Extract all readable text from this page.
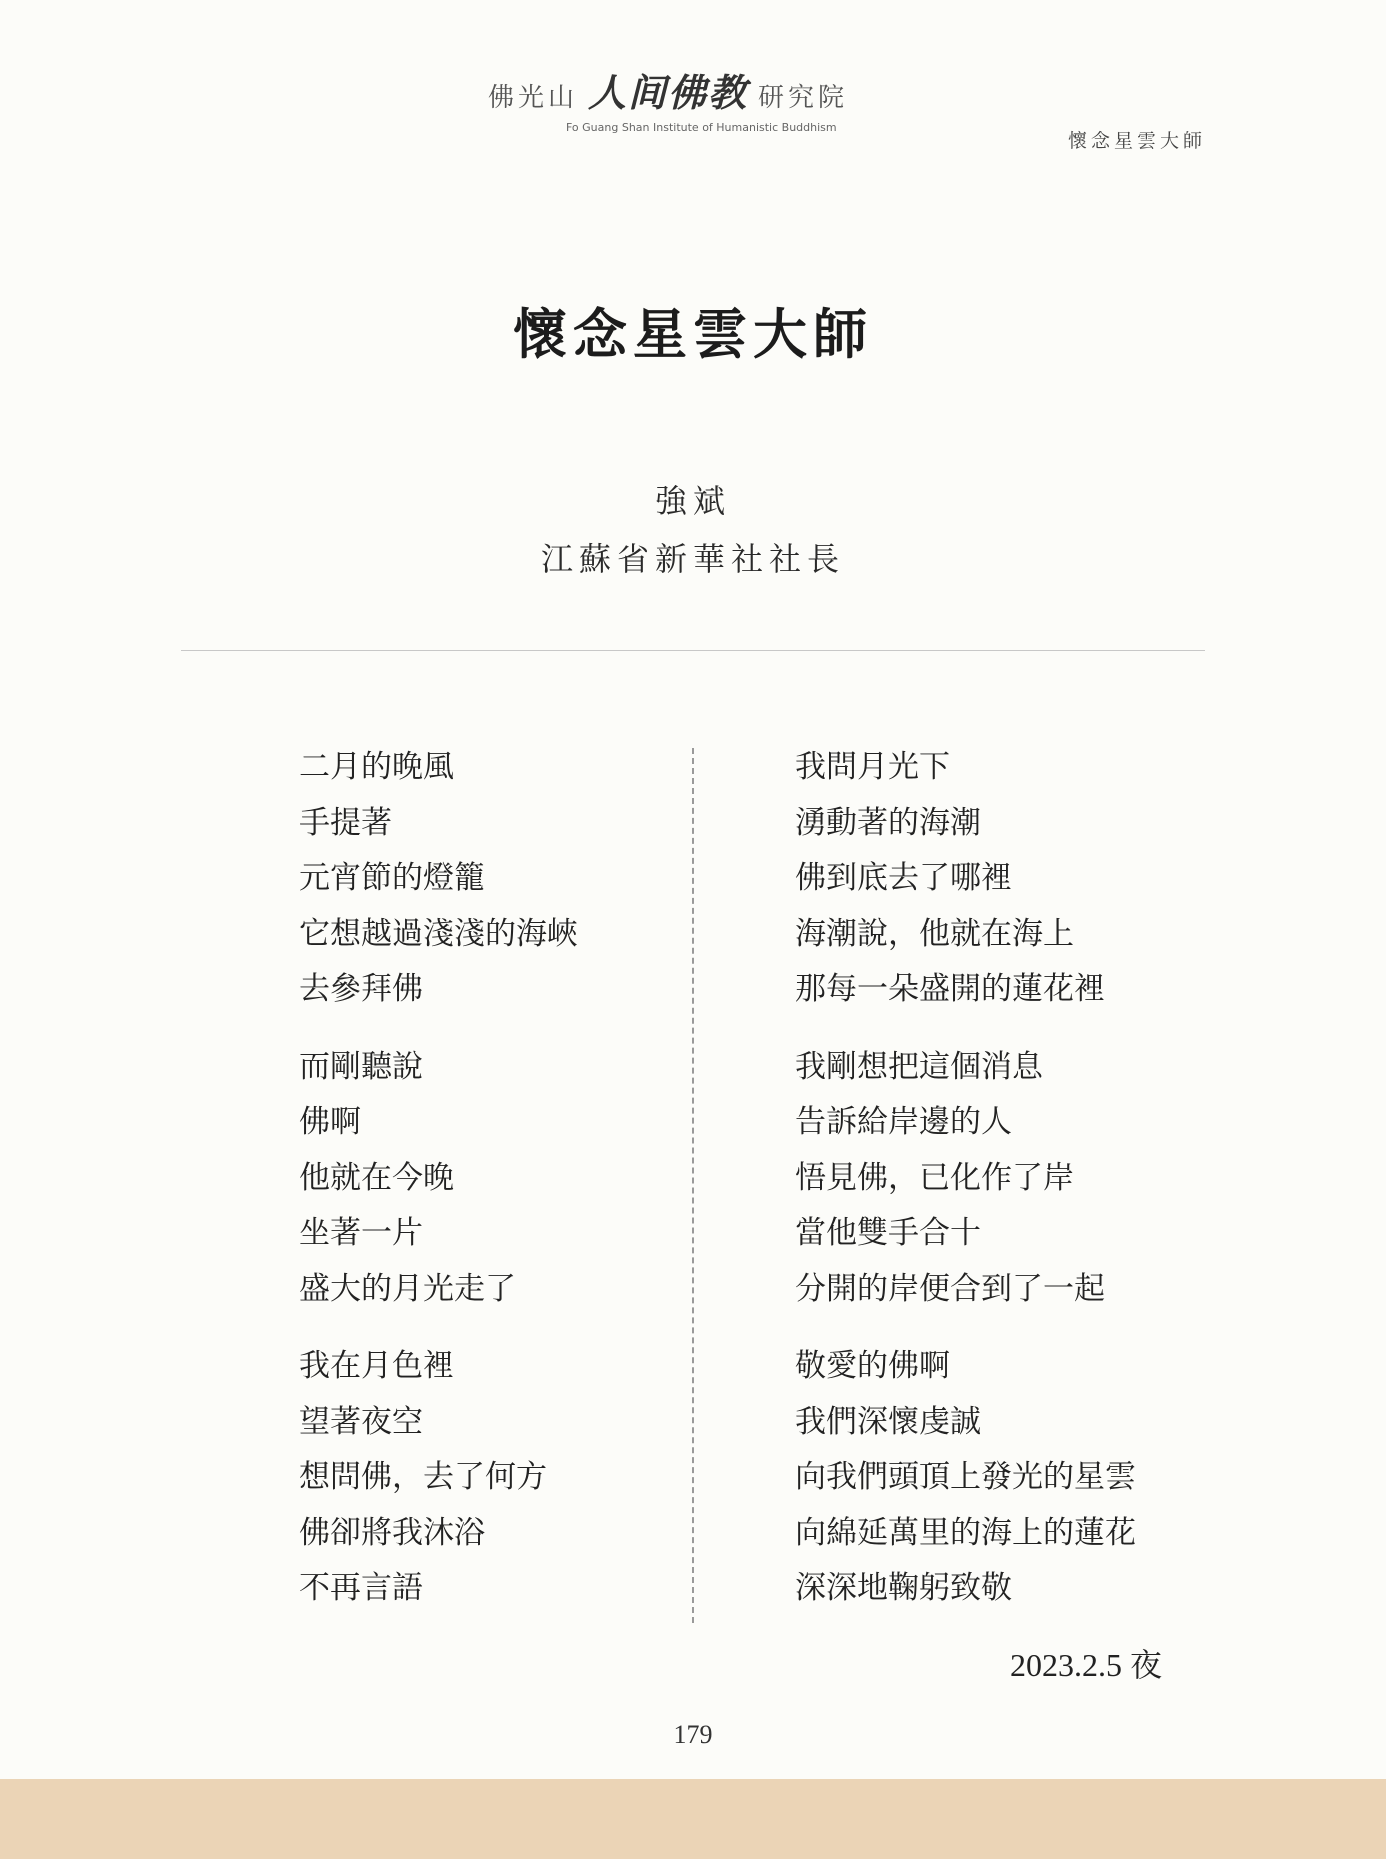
佛光山 人间佛教 研究院
Fo Guang Shan Institute of Humanistic Buddhism
懷念星雲大師
懷念星雲大師
強斌
江蘇省新華社社長
二月的晚風
手提著
元宵節的燈籠
它想越過淺淺的海峽
去參拜佛
而剛聽說
佛啊
他就在今晚
坐著一片
盛大的月光走了
我在月色裡
望著夜空
想問佛，去了何方
佛卻將我沐浴
不再言語
我問月光下
湧動著的海潮
佛到底去了哪裡
海潮說，他就在海上
那每一朵盛開的蓮花裡
我剛想把這個消息
告訴給岸邊的人
悟見佛，已化作了岸
當他雙手合十
分開的岸便合到了一起
敬愛的佛啊
我們深懷虔誠
向我們頭頂上發光的星雲
向綿延萬里的海上的蓮花
深深地鞠躬致敬
2023.2.5 夜
179
